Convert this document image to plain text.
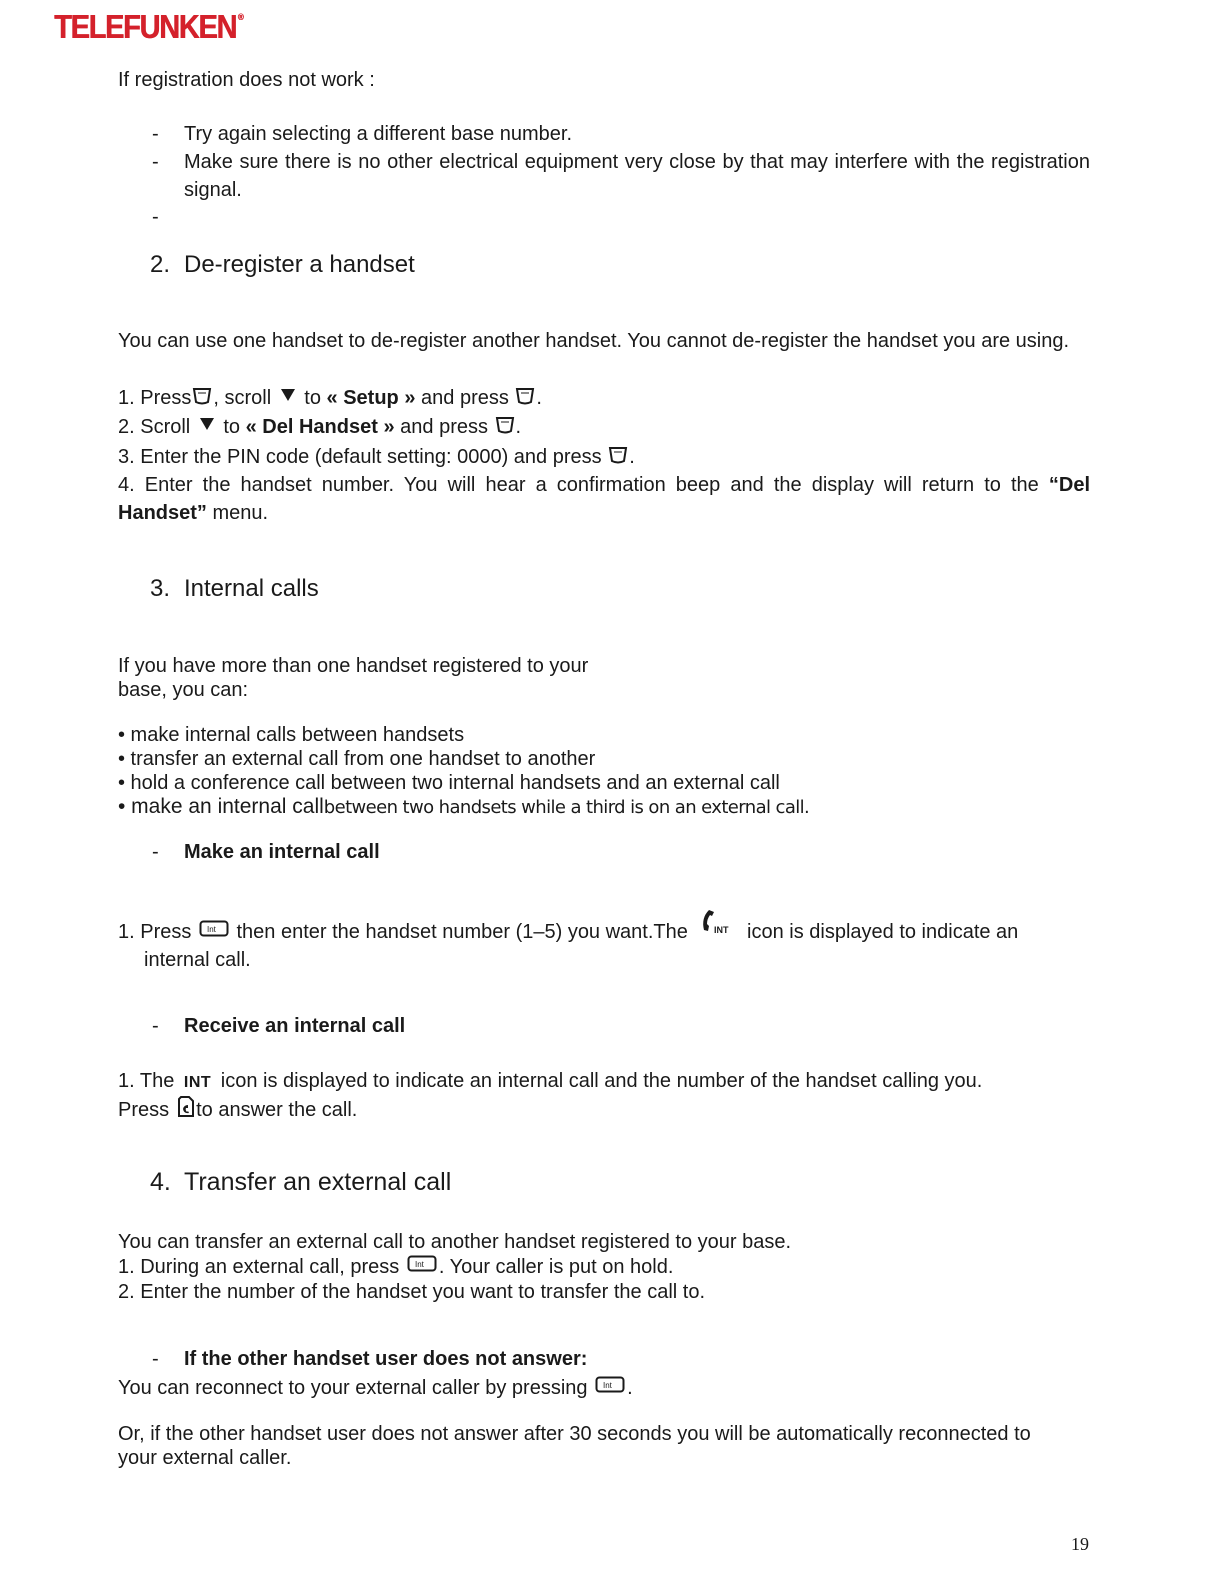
TELEFUNKEN ®
If registration does not work :
- Try again selecting a different base number.
- Make sure there is no other electrical equipment very close by that may interfere with the registration signal.
-
2. De-register a handset
You can use one handset to de-register another handset. You cannot de-register the handset you are using.
1. Press , scroll to « Setup » and press .
2. Scroll to « Del Handset » and press .
3. Enter the PIN code (default setting: 0000) and press .
4. Enter the handset number. You will hear a confirmation beep and the display will return to the “Del Handset” menu.
3. Internal calls
If you have more than one handset registered to your
base, you can:
• make internal calls between handsets
• transfer an external call from one handset to another
• hold a conference call between two internal handsets and an external call
• make an internal callbetween two handsets while a third is on an external call.
- Make an internal call
1. Press Int then enter the handset number (1–5) you want.The	INT icon is displayed to indicate an
internal call.
- Receive an internal call
1. The INT icon is displayed to indicate an internal call and the number of the handset calling you.
Press to answer the call.
4. Transfer an external call
You can transfer an external call to another handset registered to your base.
1. During an external call, press Int . Your caller is put on hold.
2. Enter the number of the handset you want to transfer the call to.
- If the other handset user does not answer:
You can reconnect to your external caller by pressing Int .
Or, if the other handset user does not answer after 30 seconds you will be automatically reconnected to
your external caller.
19
